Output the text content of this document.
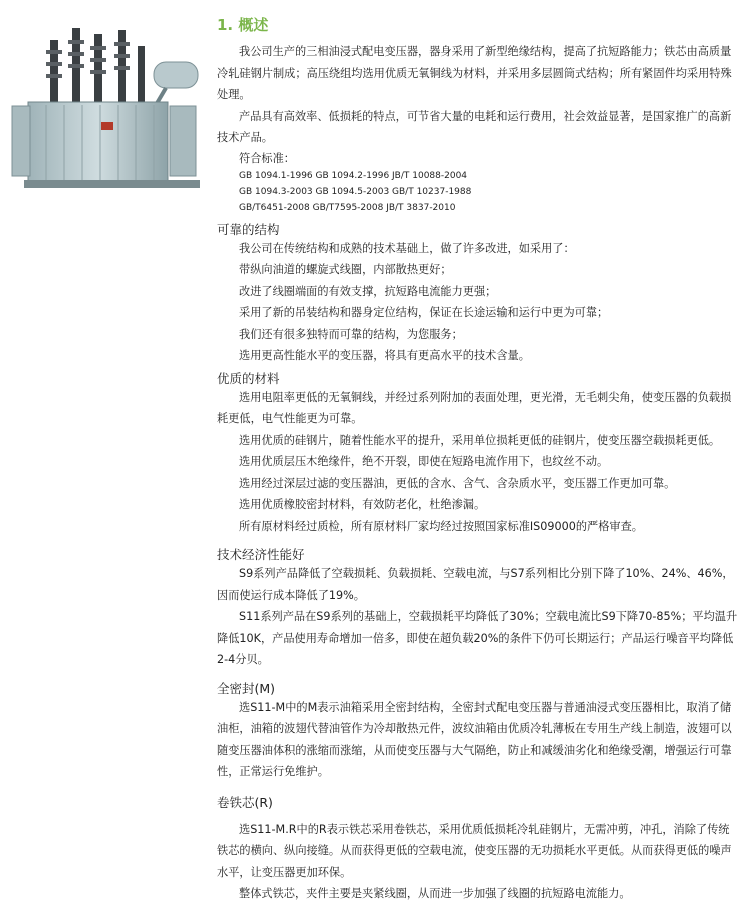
1. 概述

我公司生产的三相油浸式配电变压器，器身采用了新型绝缘结构，提高了抗短路能力；铁芯由高质量冷轧硅钢片制成；高压绕组均选用优质无氧铜线为材料，并采用多层圆筒式结构；所有紧固件均采用特殊处理。

产品具有高效率、低损耗的特点，可节省大量的电耗和运行费用，社会效益显著，是国家推广的高新技术产品。

符合标准：

GB 1094.1-1996 GB 1094.2-1996 JB/T 10088-2004

GB 1094.3-2003 GB 1094.5-2003 GB/T 10237-1988

GB/T6451-2008 GB/T7595-2008 JB/T 3837-2010

可靠的结构

我公司在传统结构和成熟的技术基础上，做了许多改进，如采用了：

带纵向油道的螺旋式线圈，内部散热更好；

改进了线圈端面的有效支撑，抗短路电流能力更强；

采用了新的吊装结构和器身定位结构，保证在长途运输和运行中更为可靠；

我们还有很多独特而可靠的结构，为您服务；

选用更高性能水平的变压器，将具有更高水平的技术含量。

优质的材料

选用电阻率更低的无氧铜线，并经过系列附加的表面处理，更光滑，无毛刺尖角，使变压器的负载损耗更低，电气性能更为可靠。

选用优质的硅钢片，随着性能水平的提升，采用单位损耗更低的硅钢片，使变压器空载损耗更低。

选用优质层压木绝缘件，绝不开裂，即使在短路电流作用下，也纹丝不动。

选用经过深层过滤的变压器油，更低的含水、含气、含杂质水平，变压器工作更加可靠。

选用优质橡胶密封材料，有效防老化，杜绝渗漏。

所有原材料经过质检，所有原材料厂家均经过按照国家标准IS09000的严格审查。

技术经济性能好

S9系列产品降低了空载损耗、负载损耗、空载电流，与S7系列相比分别下降了10%、24%、46%，因而使运行成本降低了19%。

S11系列产品在S9系列的基础上，空载损耗平均降低了30%；空载电流比S9下降70-85%；平均温升降低10K，产品使用寿命增加一倍多，即使在超负载20%的条件下仍可长期运行；产品运行噪音平均降低2-4分贝。

全密封(M)

选S11-M中的M表示油箱采用全密封结构，全密封式配电变压器与普通油浸式变压器相比，取消了储油柜，油箱的波翅代替油管作为冷却散热元件，波纹油箱由优质冷轧薄板在专用生产线上制造，波翅可以随变压器油体积的涨缩而涨缩，从而使变压器与大气隔绝，防止和减缓油劣化和绝缘受潮，增强运行可靠性，正常运行免维护。

卷铁芯(R)

选S11-M.R中的R表示铁芯采用卷铁芯，采用优质低损耗冷轧硅钢片，无需冲剪，冲孔，消除了传统铁芯的横向、纵向接缝。从而获得更低的空载电流，使变压器的无功损耗水平更低。从而获得更低的噪声水平，让变压器更加环保。

整体式铁芯，夹件主要是夹紧线圈，从而进一步加强了线圈的抗短路电流能力。
